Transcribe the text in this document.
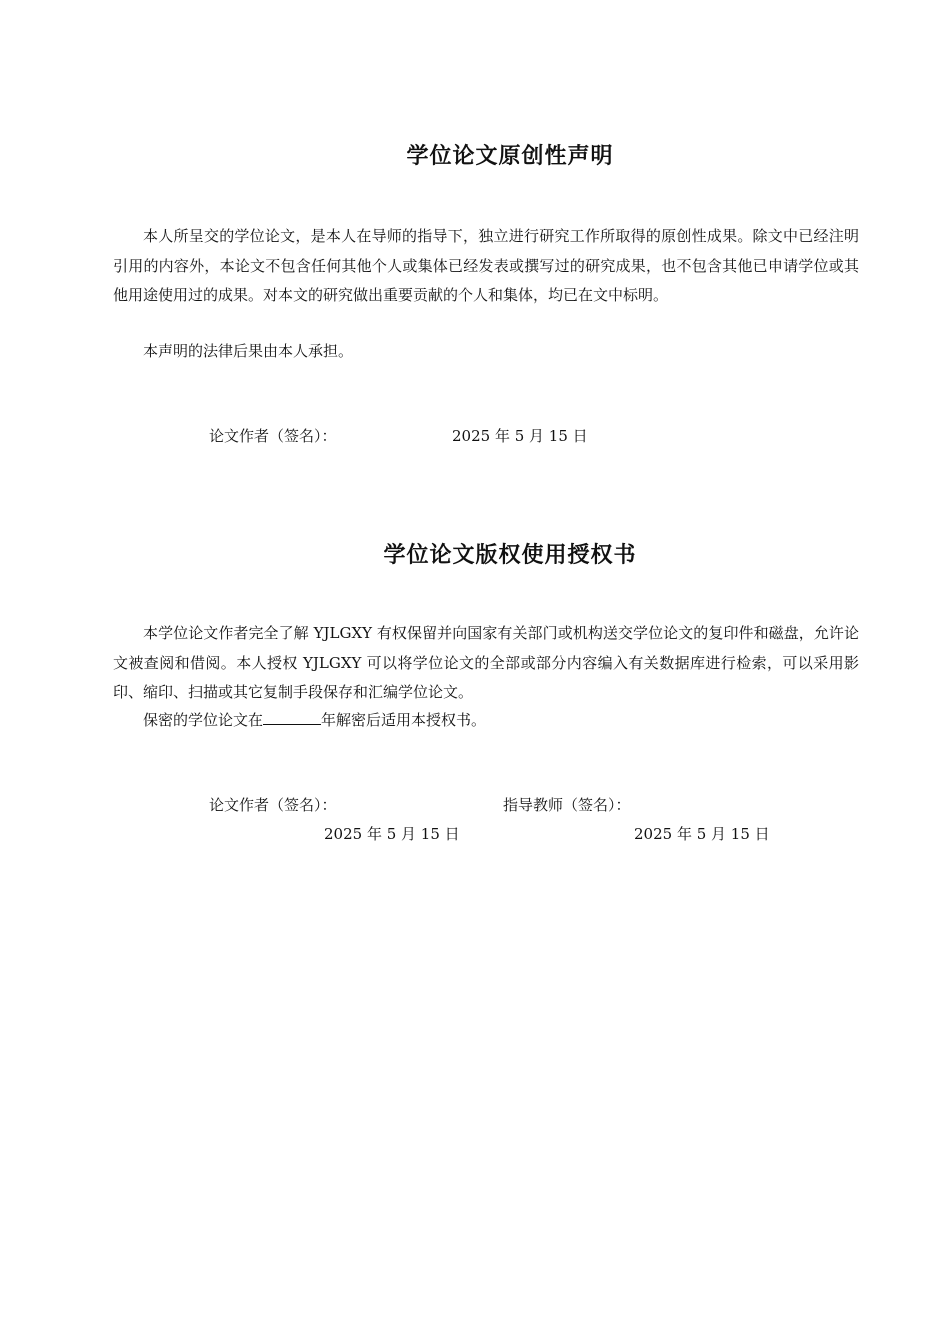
学位论文原创性声明

本人所呈交的学位论文，是本人在导师的指导下，独立进行研究工作所取得的原创性成果。除文中已经注明引用的内容外，本论文不包含任何其他个人或集体已经发表或撰写过的研究成果，也不包含其他已申请学位或其他用途使用过的成果。对本文的研究做出重要贡献的个人和集体，均已在文中标明。

本声明的法律后果由本人承担。

论文作者（签名）：	2025 年 5 月 15 日
学位论文版权使用授权书

本学位论文作者完全了解 YJLGXY 有权保留并向国家有关部门或机构送交学位论文的复印件和磁盘，允许论文被查阅和借阅。本人授权 YJLGXY 可以将学位论文的全部或部分内容编入有关数据库进行检索，可以采用影印、缩印、扫描或其它复制手段保存和汇编学位论文。

保密的学位论文在	年解密后适用本授权书。

论文作者（签名）：	指导教师（签名）：
2025 年 5 月 15 日	2025 年 5 月 15 日
